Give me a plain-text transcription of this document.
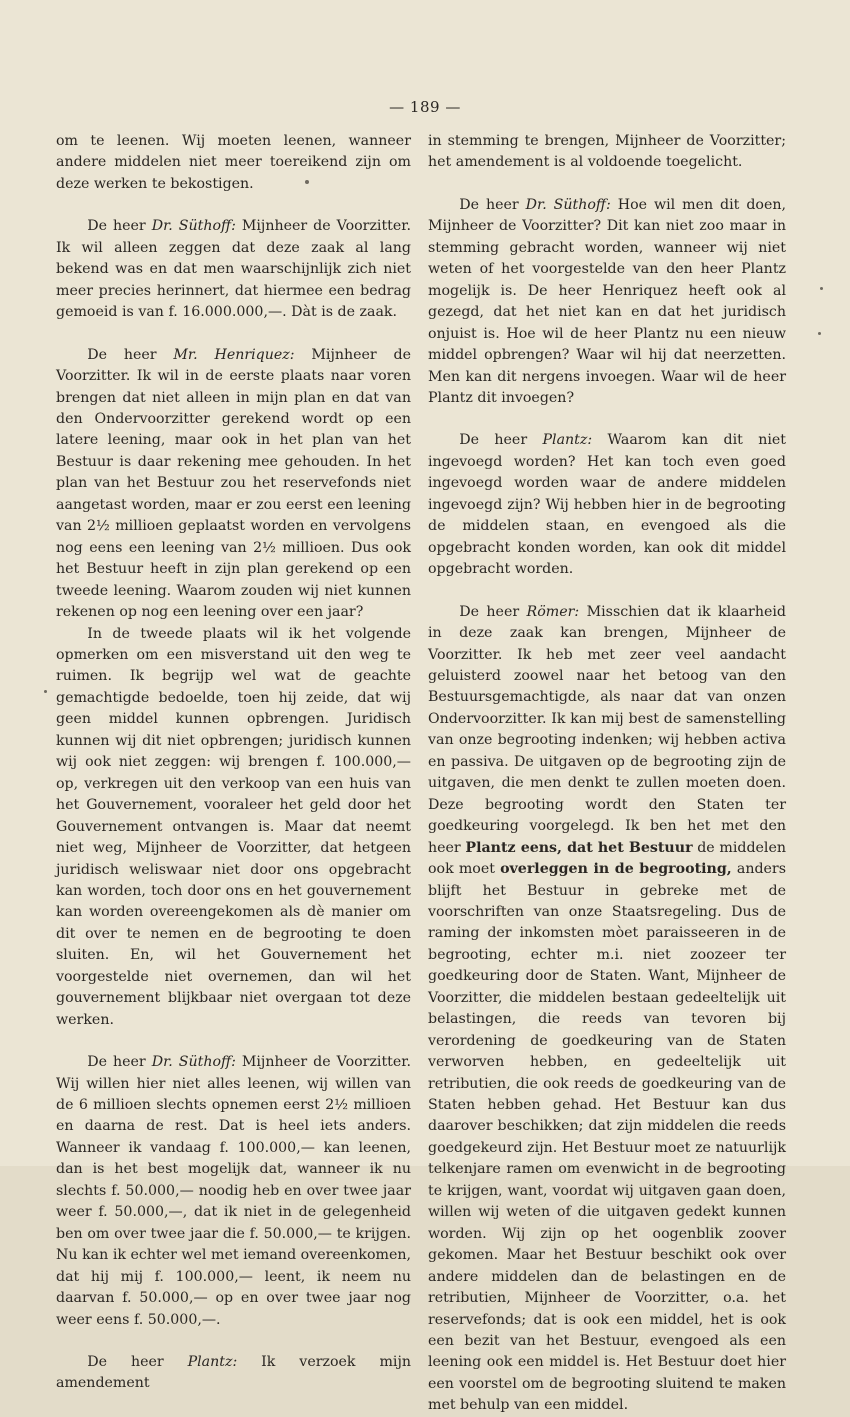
— 189 —

om te leenen. Wij moeten leenen, wanneer andere middelen niet meer toereikend zijn om deze werken te bekostigen.

De heer Dr. Süthoff: Mijnheer de Voorzitter. Ik wil alleen zeggen dat deze zaak al lang bekend was en dat men waarschijnlijk zich niet meer precies herinnert, dat hiermee een bedrag gemoeid is van f. 16.000.000,—. Dàt is de zaak.

De heer Mr. Henriquez: Mijnheer de Voorzitter. Ik wil in de eerste plaats naar voren brengen dat niet alleen in mijn plan en dat van den Ondervoorzitter gerekend wordt op een latere leening, maar ook in het plan van het Bestuur is daar rekening mee gehouden. In het plan van het Bestuur zou het reservefonds niet aangetast worden, maar er zou eerst een leening van 2½ millioen geplaatst worden en vervolgens nog eens een leening van 2½ millioen. Dus ook het Bestuur heeft in zijn plan gerekend op een tweede leening. Waarom zouden wij niet kunnen rekenen op nog een leening over een jaar?

In de tweede plaats wil ik het volgende opmerken om een misverstand uit den weg te ruimen. Ik begrijp wel wat de geachte gemachtigde bedoelde, toen hij zeide, dat wij geen middel kunnen opbrengen. Juridisch kunnen wij dit niet opbrengen; juridisch kunnen wij ook niet zeggen: wij brengen f. 100.000,— op, verkregen uit den verkoop van een huis van het Gouvernement, vooraleer het geld door het Gouvernement ontvangen is. Maar dat neemt niet weg, Mijnheer de Voorzitter, dat hetgeen juridisch weliswaar niet door ons opgebracht kan worden, toch door ons en het gouvernement kan worden overeengekomen als dè manier om dit over te nemen en de begrooting te doen sluiten. En, wil het Gouvernement het voorgestelde niet overnemen, dan wil het gouvernement blijkbaar niet overgaan tot deze werken.

De heer Dr. Süthoff: Mijnheer de Voorzitter. Wij willen hier niet alles leenen, wij willen van de 6 millioen slechts opnemen eerst 2½ millioen en daarna de rest. Dat is heel iets anders. Wanneer ik vandaag f. 100.000,— kan leenen, dan is het best mogelijk dat, wanneer ik nu slechts f. 50.000,— noodig heb en over twee jaar weer f. 50.000,—, dat ik niet in de gelegenheid ben om over twee jaar die f. 50.000,— te krijgen. Nu kan ik echter wel met iemand overeenkomen, dat hij mij f. 100.000,— leent, ik neem nu daarvan f. 50.000,— op en over twee jaar nog weer eens f. 50.000,—.

De heer Plantz: Ik verzoek mijn amendement

in stemming te brengen, Mijnheer de Voorzitter; het amendement is al voldoende toegelicht.

De heer Dr. Süthoff: Hoe wil men dit doen, Mijnheer de Voorzitter? Dit kan niet zoo maar in stemming gebracht worden, wanneer wij niet weten of het voorgestelde van den heer Plantz mogelijk is. De heer Henriquez heeft ook al gezegd, dat het niet kan en dat het juridisch onjuist is. Hoe wil de heer Plantz nu een nieuw middel opbrengen? Waar wil hij dat neerzetten. Men kan dit nergens invoegen. Waar wil de heer Plantz dit invoegen?

De heer Plantz: Waarom kan dit niet ingevoegd worden? Het kan toch even goed ingevoegd worden waar de andere middelen ingevoegd zijn? Wij hebben hier in de begrooting de middelen staan, en evengoed als die opgebracht konden worden, kan ook dit middel opgebracht worden.

De heer Römer: Misschien dat ik klaarheid in deze zaak kan brengen, Mijnheer de Voorzitter. Ik heb met zeer veel aandacht geluisterd zoowel naar het betoog van den Bestuursgemachtigde, als naar dat van onzen Ondervoorzitter. Ik kan mij best de samenstelling van onze begrooting indenken; wij hebben activa en passiva. De uitgaven op de begrooting zijn de uitgaven, die men denkt te zullen moeten doen. Deze begrooting wordt den Staten ter goedkeuring voorgelegd. Ik ben het met den heer Plantz eens, dat het Bestuur de middelen ook moet overleggen in de begrooting, anders blijft het Bestuur in gebreke met de voorschriften van onze Staatsregeling. Dus de raming der inkomsten mòet paraisseeren in de begrooting, echter m.i. niet zoozeer ter goedkeuring door de Staten. Want, Mijnheer de Voorzitter, die middelen bestaan gedeeltelijk uit belastingen, die reeds van tevoren bij verordening de goedkeuring van de Staten verworven hebben, en gedeeltelijk uit retributien, die ook reeds de goedkeuring van de Staten hebben gehad. Het Bestuur kan dus daarover beschikken; dat zijn middelen die reeds goedgekeurd zijn. Het Bestuur moet ze natuurlijk telkenjare ramen om evenwicht in de begrooting te krijgen, want, voordat wij uitgaven gaan doen, willen wij weten of die uitgaven gedekt kunnen worden. Wij zijn op het oogenblik zoover gekomen. Maar het Bestuur beschikt ook over andere middelen dan de belastingen en de retributien, Mijnheer de Voorzitter, o.a. het reservefonds; dat is ook een middel, het is ook een bezit van het Bestuur, evengoed als een leening ook een middel is. Het Bestuur doet hier een voorstel om de begrooting sluitend te maken met behulp van een middel.
